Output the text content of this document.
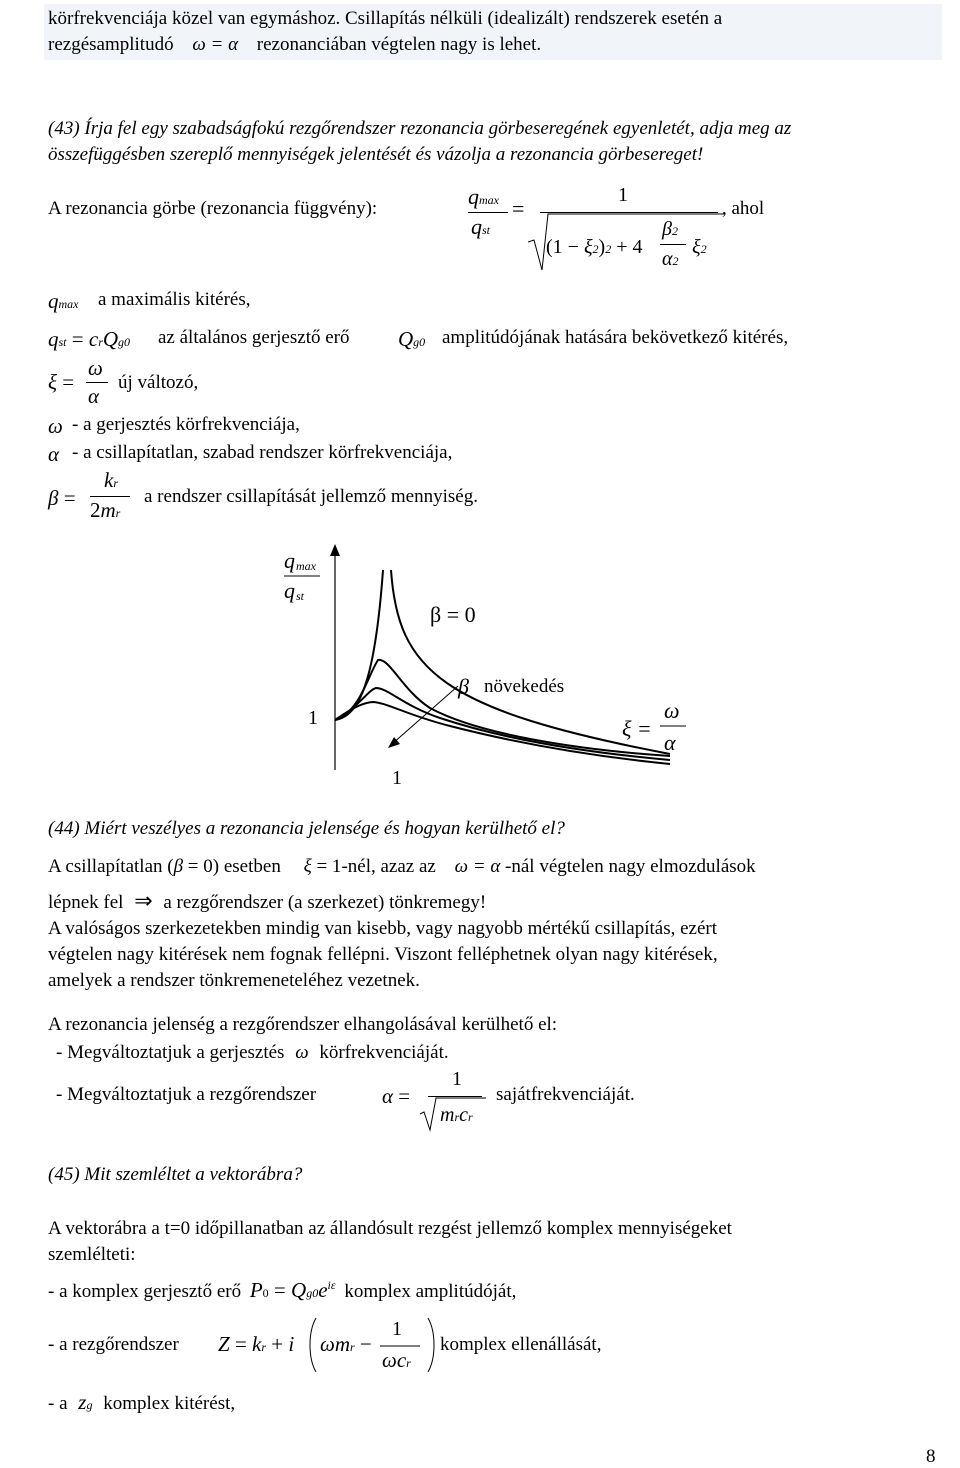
körfrekvenciája közel van egymáshoz. Csillapítás nélküli (idealizált) rendszerek esetén a
rezgésamplitudó ω = α rezonanciában végtelen nagy is lehet.
(43) Írja fel egy szabadságfokú rezgőrendszer rezonancia görbeseregének egyenletét, adja meg az
összefüggésben szereplő mennyiségek jelentését és vázolja a rezonancia görbesereget!
A rezonancia görbe (rezonancia függvény):	qmax
qst
=
1
(1 − ξ2)2 + 4
β2
α2
ξ2
, ahol
qmax a maximális kitérés,
qst = crQg0 az általános gerjesztő erő Qg0 amplitúdójának hatására bekövetkező kitérés,
ξ =
ω
α
új változó,
ω - a gerjesztés körfrekvenciája,
α - a csillapítatlan, szabad rendszer körfrekvenciája,
β =
kr
2mr
a rendszer csillapítását jellemző mennyiség.
q max
q st
β = 0
β növekedés
1
1
ξ =
ω
α
(44) Miért veszélyes a rezonancia jelensége és hogyan kerülhető el?
A csillapítatlan (β = 0) esetben ξ = 1-nél, azaz az ω = α -nál végtelen nagy elmozdulások
lépnek fel ⇒ a rezgőrendszer (a szerkezet) tönkremegy!
A valóságos szerkezetekben mindig van kisebb, vagy nagyobb mértékű csillapítás, ezért
végtelen nagy kitérések nem fognak fellépni. Viszont felléphetnek olyan nagy kitérések,
amelyek a rendszer tönkremeneteléhez vezetnek.
A rezonancia jelenség a rezgőrendszer elhangolásával kerülhető el:
- Megváltoztatjuk a gerjesztés ω körfrekvenciáját.
- Megváltoztatjuk a rezgőrendszer	α =
1
mrcr
sajátfrekvenciáját.
(45) Mit szemléltet a vektorábra?
A vektorábra a t=0 időpillanatban az állandósult rezgést jellemző komplex mennyiségeket
szemlélteti:
- a komplex gerjesztő erő $P0 = Qg0e^{i\varepsilon}$ komplex amplitúdóját,
- a rezgőrendszer Z = kr + i ωmr −
1
ωcr
komplex ellenállását,
- a zg komplex kitérést,
8
